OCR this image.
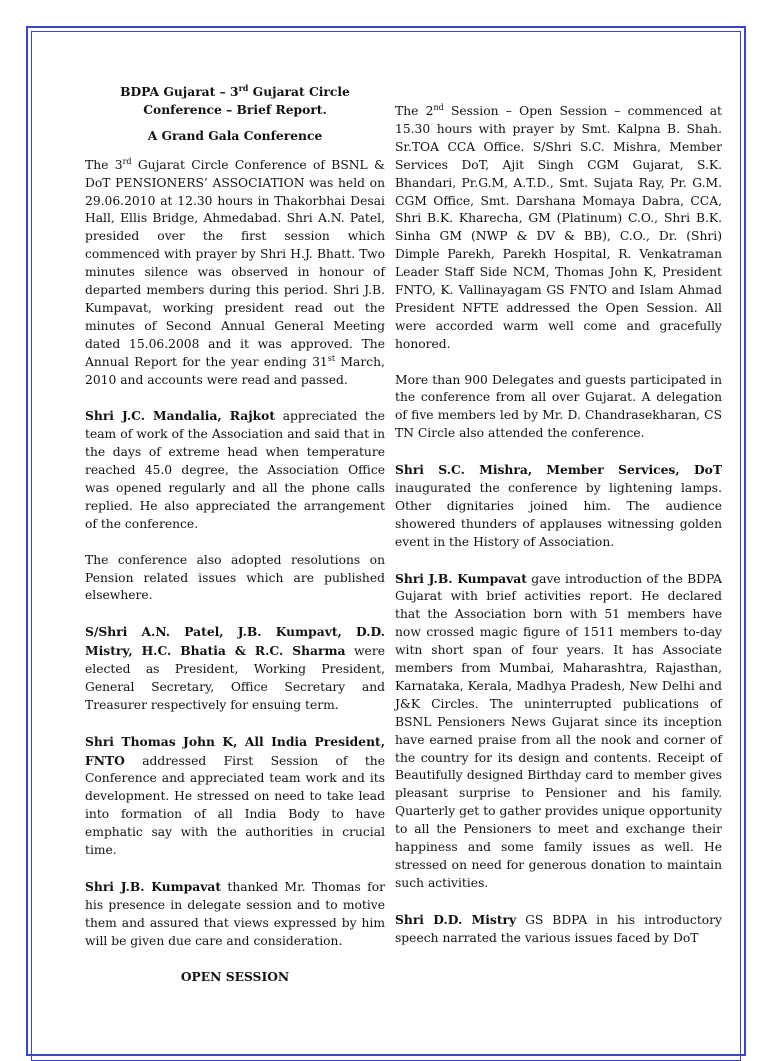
BDPA Gujarat – 3rd Gujarat Circle
Conference – Brief Report.
A Grand Gala Conference

The 3rd Gujarat Circle Conference of BSNL & DoT PENSIONERS’ ASSOCIATION was held on 29.06.2010 at 12.30 hours in Thakorbhai Desai Hall, Ellis Bridge, Ahmedabad. Shri A.N. Patel, presided over the first session which commenced with prayer by Shri H.J. Bhatt. Two minutes silence was observed in honour of departed members during this period. Shri J.B. Kumpavat, working president read out the minutes of Second Annual General Meeting dated 15.06.2008 and it was approved. The Annual Report for the year ending 31st March, 2010 and accounts were read and passed.

Shri J.C. Mandalia, Rajkot appreciated the team of work of the Association and said that in the days of extreme head when temperature reached 45.0 degree, the Association Office was opened regularly and all the phone calls replied. He also appreciated the arrangement of the conference.

The conference also adopted resolutions on Pension related issues which are published elsewhere.

S/Shri A.N. Patel, J.B. Kumpavt, D.D. Mistry, H.C. Bhatia & R.C. Sharma were elected as President, Working President, General Secretary, Office Secretary and Treasurer respectively for ensuing term.

Shri Thomas John K, All India President, FNTO addressed First Session of the Conference and appreciated team work and its development. He stressed on need to take lead into formation of all India Body to have emphatic say with the authorities in crucial time.

Shri J.B. Kumpavat thanked Mr. Thomas for his presence in delegate session and to motive them and assured that views expressed by him will be given due care and consideration.

OPEN SESSION

The 2nd Session – Open Session – commenced at 15.30 hours with prayer by Smt. Kalpna B. Shah. Sr.TOA CCA Office. S/Shri S.C. Mishra, Member Services DoT, Ajit Singh CGM Gujarat, S.K. Bhandari, Pr.G.M, A.T.D., Smt. Sujata Ray, Pr. G.M. CGM Office, Smt. Darshana Momaya Dabra, CCA, Shri B.K. Kharecha, GM (Platinum) C.O., Shri B.K. Sinha GM (NWP & DV & BB), C.O., Dr. (Shri) Dimple Parekh, Parekh Hospital, R. Venkatraman Leader Staff Side NCM, Thomas John K, President FNTO, K. Vallinayagam GS FNTO and Islam Ahmad President NFTE addressed the Open Session. All were accorded warm well come and gracefully honored.

More than 900 Delegates and guests participated in the conference from all over Gujarat. A delegation of five members led by Mr. D. Chandrasekharan, CS TN Circle also attended the conference.

Shri S.C. Mishra, Member Services, DoT inaugurated the conference by lightening lamps. Other dignitaries joined him. The audience showered thunders of applauses witnessing golden event in the History of Association.

Shri J.B. Kumpavat gave introduction of the BDPA Gujarat with brief activities report. He declared that the Association born with 51 members have now crossed magic figure of 1511 members to-day witn short span of four years. It has Associate members from Mumbai, Maharashtra, Rajasthan, Karnataka, Kerala, Madhya Pradesh, New Delhi and J&K Circles. The uninterrupted publications of BSNL Pensioners News Gujarat since its inception have earned praise from all the nook and corner of the country for its design and contents. Receipt of Beautifully designed Birthday card to member gives pleasant surprise to Pensioner and his family. Quarterly get to gather provides unique opportunity to all the Pensioners to meet and exchange their happiness and some family issues as well. He stressed on need for generous donation to maintain such activities.

Shri D.D. Mistry GS BDPA in his introductory speech narrated the various issues faced by DoT
